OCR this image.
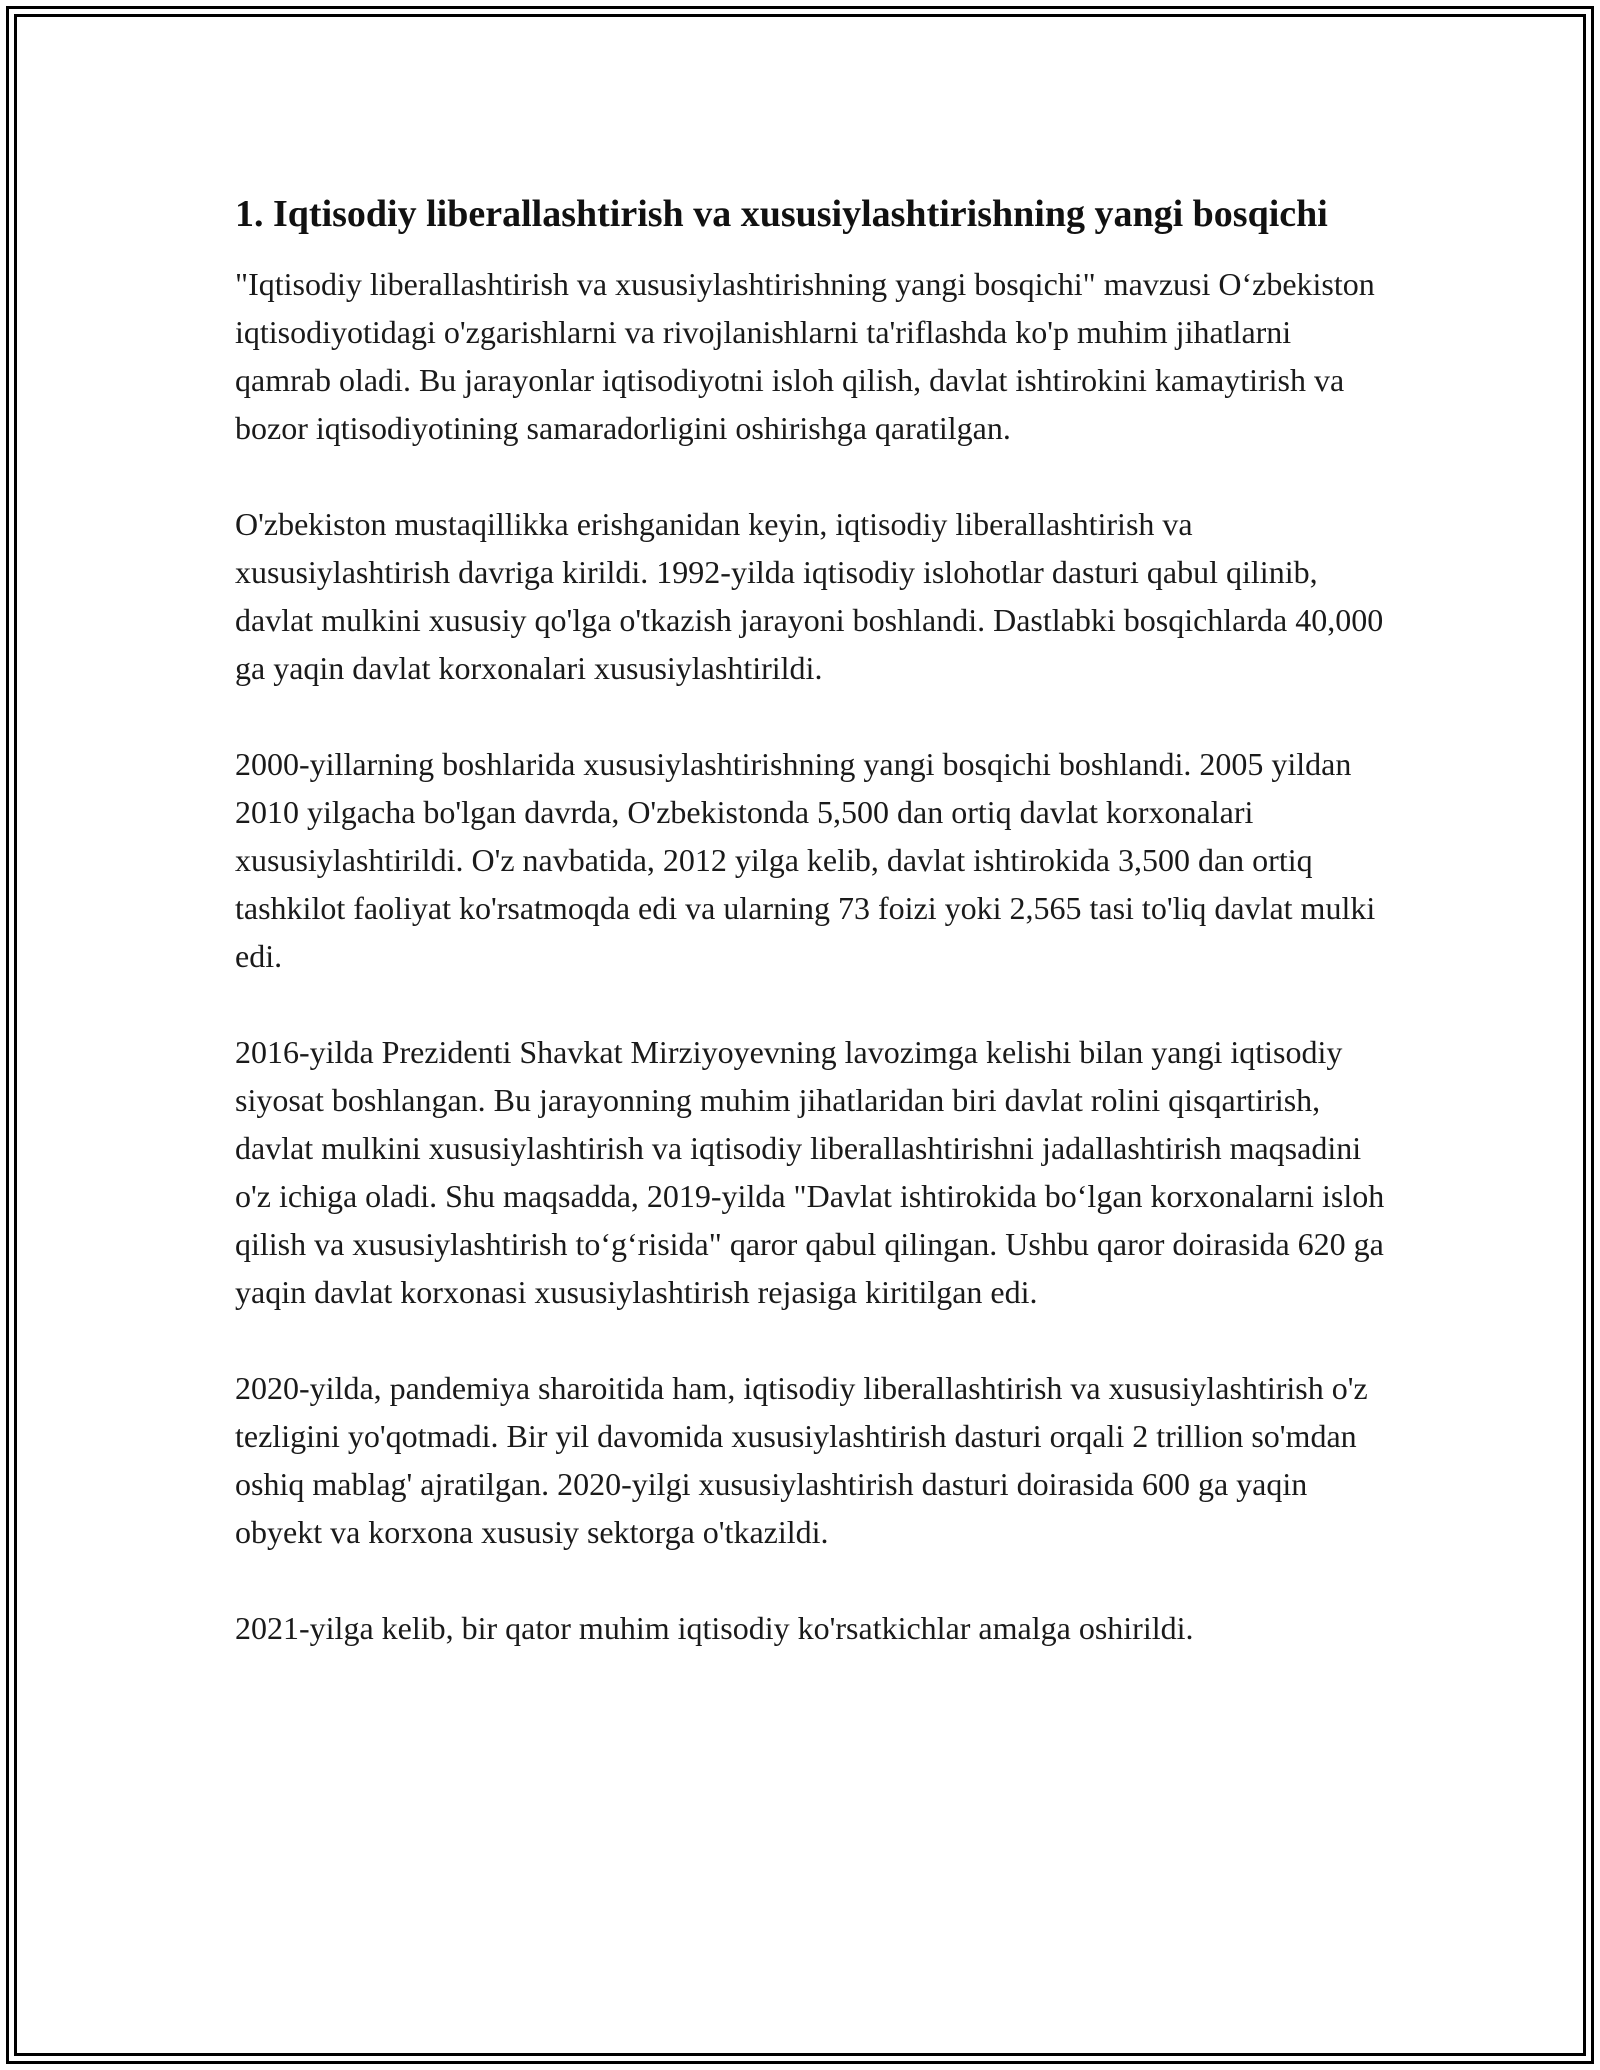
1. Iqtisodiy liberallashtirish va xususiylashtirishning yangi bosqichi

"Iqtisodiy liberallashtirish va xususiylashtirishning yangi bosqichi" mavzusi Oʻzbekiston iqtisodiyotidagi o'zgarishlarni va rivojlanishlarni ta'riflashda ko'p muhim jihatlarni qamrab oladi. Bu jarayonlar iqtisodiyotni isloh qilish, davlat ishtirokini kamaytirish va bozor iqtisodiyotining samaradorligini oshirishga qaratilgan.

O'zbekiston mustaqillikka erishganidan keyin, iqtisodiy liberallashtirish va xususiylashtirish davriga kirildi. 1992-yilda iqtisodiy islohotlar dasturi qabul qilinib, davlat mulkini xususiy qo'lga o'tkazish jarayoni boshlandi. Dastlabki bosqichlarda 40,000 ga yaqin davlat korxonalari xususiylashtirildi.

2000-yillarning boshlarida xususiylashtirishning yangi bosqichi boshlandi. 2005 yildan 2010 yilgacha bo'lgan davrda, O'zbekistonda 5,500 dan ortiq davlat korxonalari xususiylashtirildi. O'z navbatida, 2012 yilga kelib, davlat ishtirokida 3,500 dan ortiq tashkilot faoliyat ko'rsatmoqda edi va ularning 73 foizi yoki 2,565 tasi to'liq davlat mulki edi.

2016-yilda Prezidenti Shavkat Mirziyoyevning lavozimga kelishi bilan yangi iqtisodiy siyosat boshlangan. Bu jarayonning muhim jihatlaridan biri davlat rolini qisqartirish, davlat mulkini xususiylashtirish va iqtisodiy liberallashtirishni jadallashtirish maqsadini o'z ichiga oladi. Shu maqsadda, 2019-yilda "Davlat ishtirokida boʻlgan korxonalarni isloh qilish va xususiylashtirish toʻgʻrisida" qaror qabul qilingan. Ushbu qaror doirasida 620 ga yaqin davlat korxonasi xususiylashtirish rejasiga kiritilgan edi.

2020-yilda, pandemiya sharoitida ham, iqtisodiy liberallashtirish va xususiylashtirish o'z tezligini yo'qotmadi. Bir yil davomida xususiylashtirish dasturi orqali 2 trillion so'mdan oshiq mablag' ajratilgan. 2020-yilgi xususiylashtirish dasturi doirasida 600 ga yaqin obyekt va korxona xususiy sektorga o'tkazildi.

2021-yilga kelib, bir qator muhim iqtisodiy ko'rsatkichlar amalga oshirildi.
